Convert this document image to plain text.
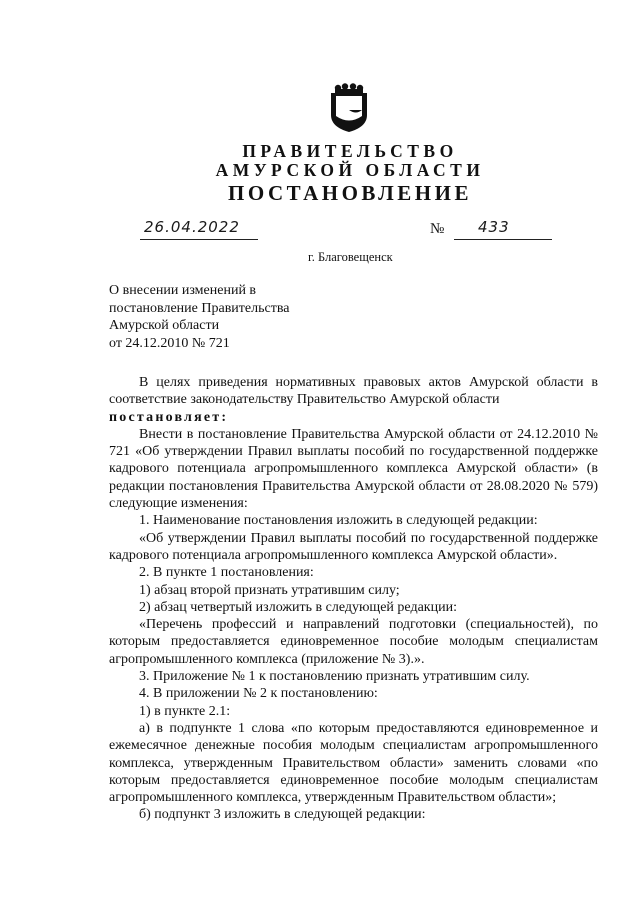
ПРАВИТЕЛЬСТВО
АМУРСКОЙ ОБЛАСТИ
ПОСТАНОВЛЕНИЕ
26.04.2022	№ 433
г. Благовещенск
О внесении изменений в
постановление Правительства
Амурской области
от 24.12.2010 № 721

В целях приведения нормативных правовых актов Амурской области в соответствие законодательству Правительство Амурской области

постановляет:

Внести в постановление Правительства Амурской области от 24.12.2010 № 721 «Об утверждении Правил выплаты пособий по государственной поддержке кадрового потенциала агропромышленного комплекса Амурской области» (в редакции постановления Правительства Амурской области от 28.08.2020 № 579) следующие изменения:

1. Наименование постановления изложить в следующей редакции:

«Об утверждении Правил выплаты пособий по государственной поддержке кадрового потенциала агропромышленного комплекса Амурской области».

2. В пункте 1 постановления:

1) абзац второй признать утратившим силу;

2) абзац четвертый изложить в следующей редакции:

«Перечень профессий и направлений подготовки (специальностей), по которым предоставляется единовременное пособие молодым специалистам агропромышленного комплекса (приложение № 3).».

3. Приложение № 1 к постановлению признать утратившим силу.

4. В приложении № 2 к постановлению:

1) в пункте 2.1:

а) в подпункте 1 слова «по которым предоставляются единовременное и ежемесячное денежные пособия молодым специалистам агропромышленного комплекса, утвержденным Правительством области» заменить словами «по которым предоставляется единовременное пособие молодым специалистам агропромышленного комплекса, утвержденным Правительством области»;

б) подпункт 3 изложить в следующей редакции:
